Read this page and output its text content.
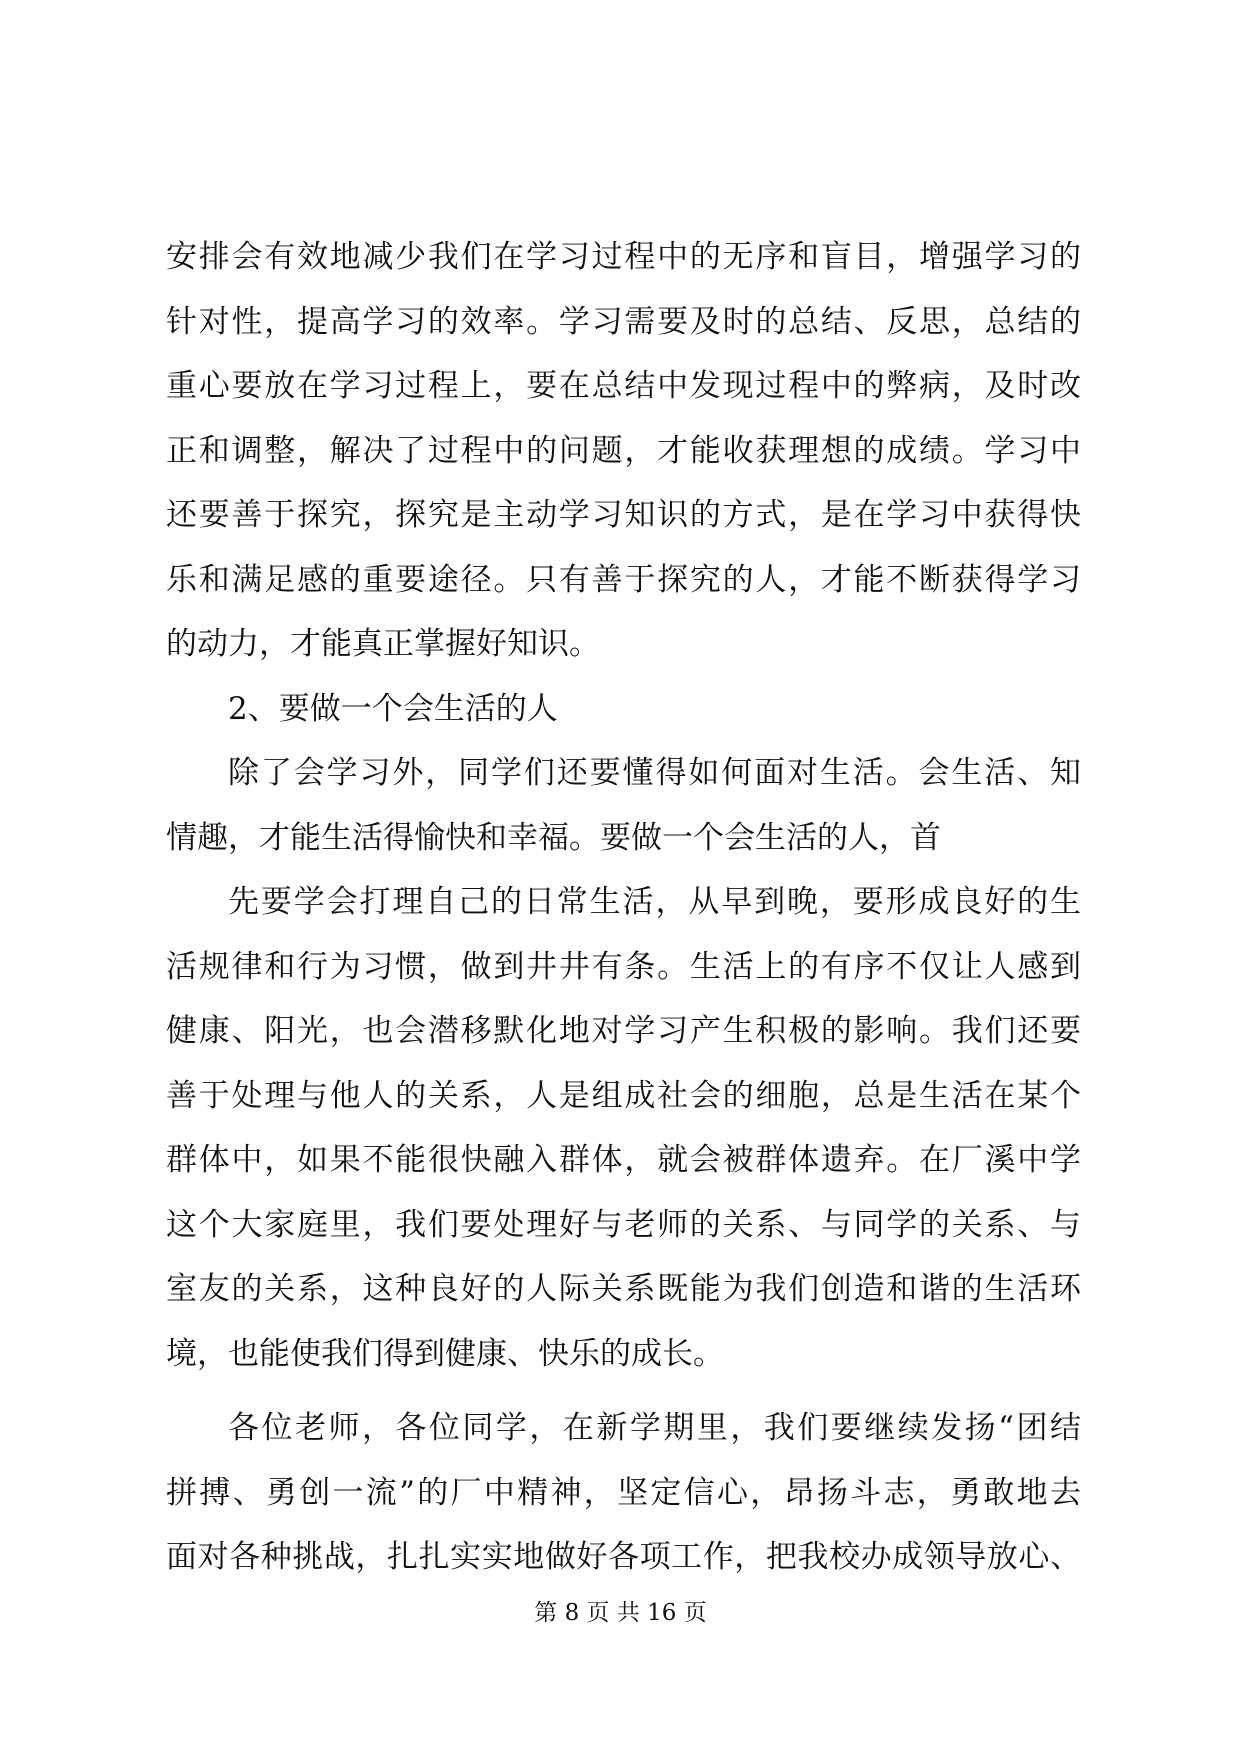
安排会有效地减少我们在学习过程中的无序和盲目，增强学习的
针对性，提高学习的效率。学习需要及时的总结、反思，总结的
重心要放在学习过程上，要在总结中发现过程中的弊病，及时改
正和调整，解决了过程中的问题，才能收获理想的成绩。学习中
还要善于探究，探究是主动学习知识的方式，是在学习中获得快
乐和满足感的重要途径。只有善于探究的人，才能不断获得学习
的动力，才能真正掌握好知识。
2、要做一个会生活的人
除了会学习外，同学们还要懂得如何面对生活。会生活、知
情趣，才能生活得愉快和幸福。要做一个会生活的人，首
先要学会打理自己的日常生活，从早到晚，要形成良好的生
活规律和行为习惯，做到井井有条。生活上的有序不仅让人感到
健康、阳光，也会潜移默化地对学习产生积极的影响。我们还要
善于处理与他人的关系，人是组成社会的细胞，总是生活在某个
群体中，如果不能很快融入群体，就会被群体遗弃。在厂溪中学
这个大家庭里，我们要处理好与老师的关系、与同学的关系、与
室友的关系，这种良好的人际关系既能为我们创造和谐的生活环
境，也能使我们得到健康、快乐的成长。
各位老师，各位同学，在新学期里，我们要继续发扬“团结
拼搏、勇创一流”的厂中精神，坚定信心，昂扬斗志，勇敢地去
面对各种挑战，扎扎实实地做好各项工作，把我校办成领导放心、
第 8 页 共 16 页
